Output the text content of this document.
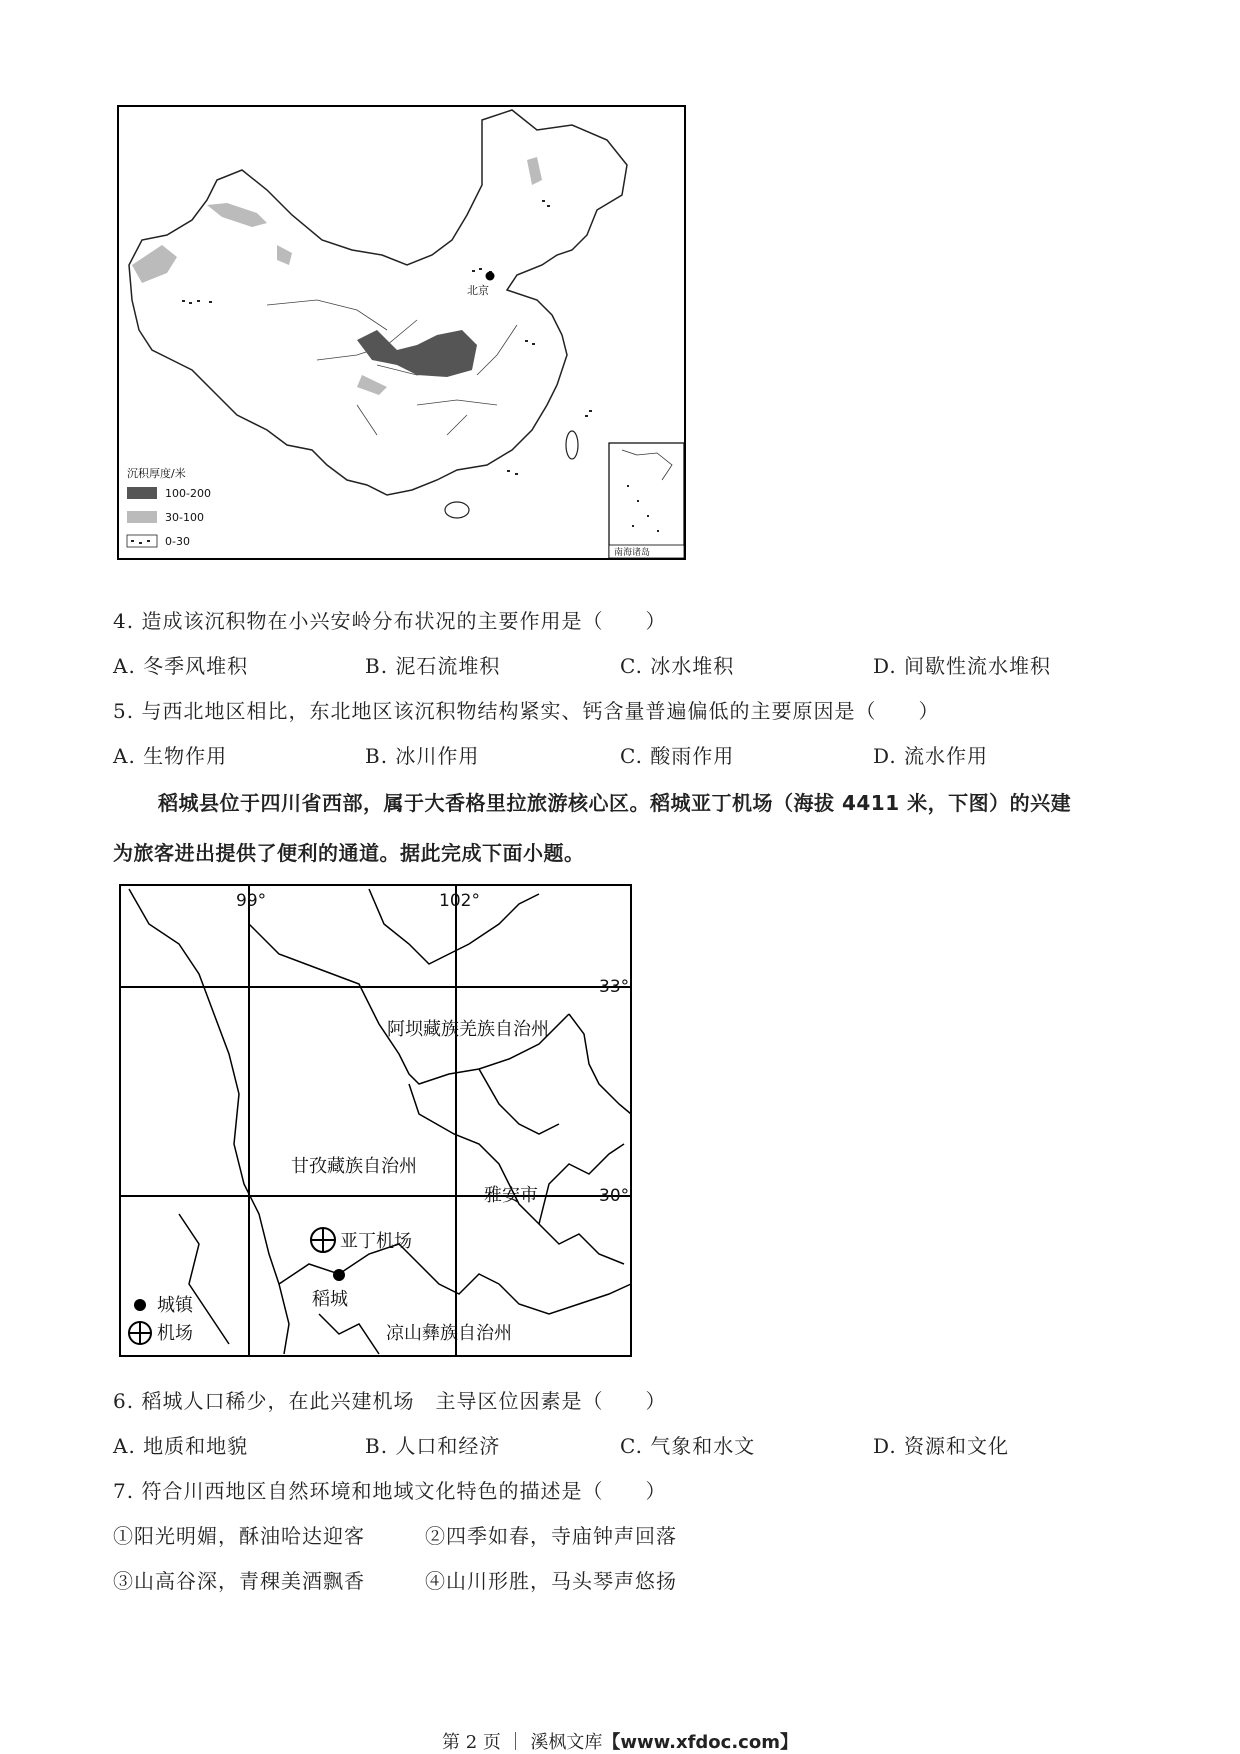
北京
沉积厚度/米
100-200
30-100
0-30
南海诸岛
4. 造成该沉积物在小兴安岭分布状况的主要作用是（　　）
A. 冬季风堆积	B. 泥石流堆积	C. 冰水堆积	D. 间歇性流水堆积
5. 与西北地区相比，东北地区该沉积物结构紧实、钙含量普遍偏低的主要原因是（　　）
A. 生物作用	B. 冰川作用	C. 酸雨作用	D. 流水作用
稻城县位于四川省西部，属于大香格里拉旅游核心区。稻城亚丁机场（海拔 4411 米，下图）的兴建
为旅客进出提供了便利的通道。据此完成下面小题。
99°	102°
33°
30°
阿坝藏族羌族自治州
甘孜藏族自治州
雅安市
亚丁机场
稻城
凉山彝族自治州
城镇
机场
6. 稻城人口稀少，在此兴建机场　主导区位因素是（　　）
A. 地质和地貌	B. 人口和经济	C. 气象和水文	D. 资源和文化
7. 符合川西地区自然环境和地域文化特色的描述是（　　）
①阳光明媚，酥油哈达迎客	②四季如春，寺庙钟声回落
③山高谷深，青稞美酒飘香	④山川形胜，马头琴声悠扬
第 2 页 ｜ 溪枫文库【www.xfdoc.com】
